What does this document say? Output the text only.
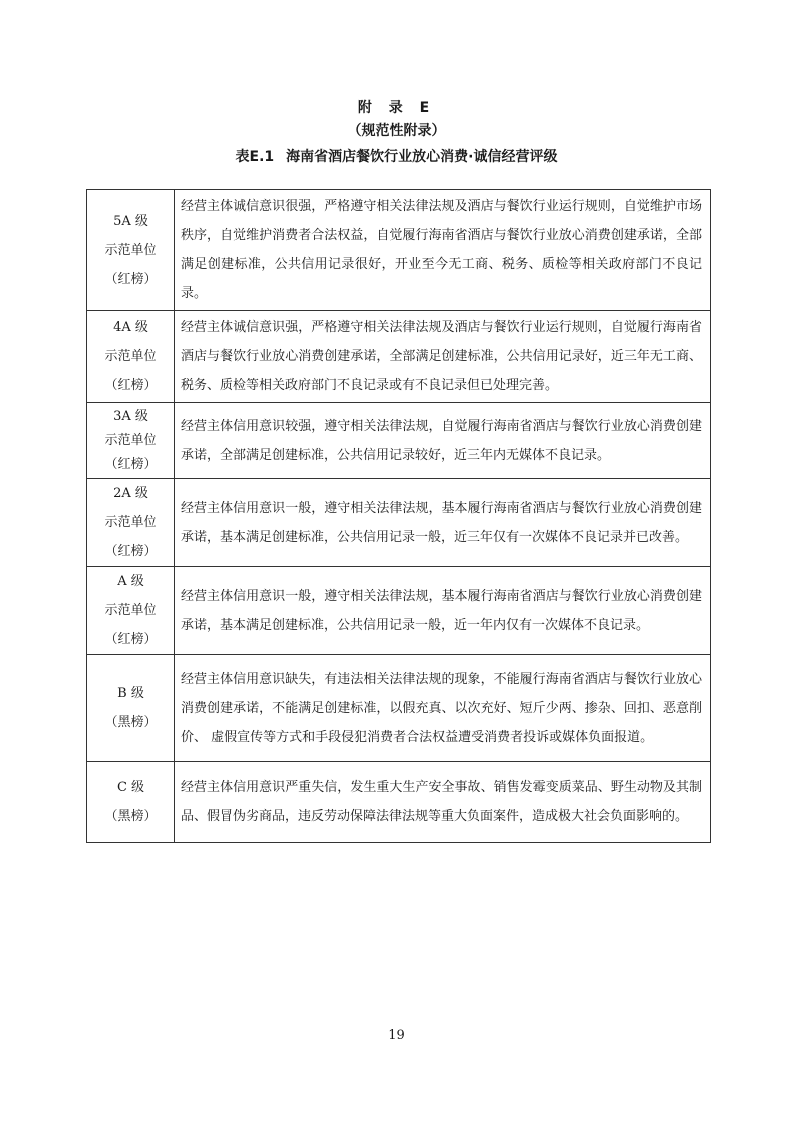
附 录 E
（规范性附录）
表E.1 海南省酒店餐饮行业放心消费·诚信经营评级
5A 级
示范单位
（红榜）	经营主体诚信意识很强，严格遵守相关法律法规及酒店与餐饮行业运行规则，自觉维护市场秩序，自觉维护消费者合法权益，自觉履行海南省酒店与餐饮行业放心消费创建承诺，全部满足创建标准，公共信用记录很好，开业至今无工商、税务、质检等相关政府部门不良记录。

4A 级
示范单位
（红榜）	经营主体诚信意识强，严格遵守相关法律法规及酒店与餐饮行业运行规则，自觉履行海南省酒店与餐饮行业放心消费创建承诺，全部满足创建标准，公共信用记录好，近三年无工商、税务、质检等相关政府部门不良记录或有不良记录但已处理完善。

3A 级
示范单位
（红榜）	经营主体信用意识较强，遵守相关法律法规，自觉履行海南省酒店与餐饮行业放心消费创建承诺，全部满足创建标准，公共信用记录较好，近三年内无媒体不良记录。

2A 级
示范单位
（红榜）	经营主体信用意识一般，遵守相关法律法规，基本履行海南省酒店与餐饮行业放心消费创建承诺，基本满足创建标准，公共信用记录一般，近三年仅有一次媒体不良记录并已改善。

A 级
示范单位
（红榜）	经营主体信用意识一般，遵守相关法律法规，基本履行海南省酒店与餐饮行业放心消费创建承诺，基本满足创建标准，公共信用记录一般，近一年内仅有一次媒体不良记录。

B 级
（黑榜）	经营主体信用意识缺失，有违法相关法律法规的现象，不能履行海南省酒店与餐饮行业放心消费创建承诺，不能满足创建标准，以假充真、以次充好、短斤少两、掺杂、回扣、恶意削价、 虚假宣传等方式和手段侵犯消费者合法权益遭受消费者投诉或媒体负面报道。

C 级
（黑榜）	经营主体信用意识严重失信，发生重大生产安全事故、销售发霉变质菜品、野生动物及其制品、假冒伪劣商品，违反劳动保障法律法规等重大负面案件，造成极大社会负面影响的。
19
